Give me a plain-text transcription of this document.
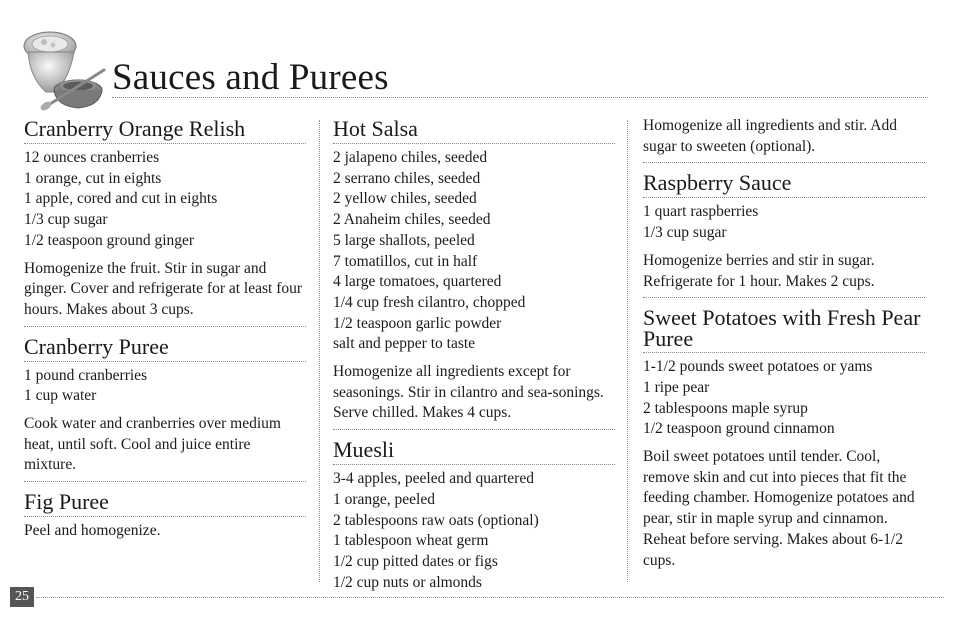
Sauces and Purees
Cranberry Orange Relish
12 ounces cranberries
1 orange, cut in eights
1 apple, cored and cut in eights
1/3 cup sugar
1/2 teaspoon ground ginger

Homogenize the fruit. Stir in sugar and ginger. Cover and refrigerate for at least four hours. Makes about 3 cups.

Cranberry Puree
1 pound cranberries
1 cup water

Cook water and cranberries over medium heat, until soft. Cool and juice entire mixture.

Fig Puree

Peel and homogenize.

Hot Salsa
2 jalapeno chiles, seeded
2 serrano chiles, seeded
2 yellow chiles, seeded
2 Anaheim chiles, seeded
5 large shallots, peeled
7 tomatillos, cut in half
4 large tomatoes, quartered
1/4 cup fresh cilantro, chopped
1/2 teaspoon garlic powder
salt and pepper to taste

Homogenize all ingredients except for seasonings. Stir in cilantro and sea-sonings. Serve chilled. Makes 4 cups.

Muesli
3-4 apples, peeled and quartered
1 orange, peeled
2 tablespoons raw oats (optional)
1 tablespoon wheat germ
1/2 cup pitted dates or figs
1/2 cup nuts or almonds

Homogenize all ingredients and stir. Add sugar to sweeten (optional).

Raspberry Sauce
1 quart raspberries
1/3 cup sugar

Homogenize berries and stir in sugar. Refrigerate for 1 hour. Makes 2 cups.

Sweet Potatoes with Fresh Pear Puree
1-1/2 pounds sweet potatoes or yams
1 ripe pear
2 tablespoons maple syrup
1/2 teaspoon ground cinnamon

Boil sweet potatoes until tender. Cool, remove skin and cut into pieces that fit the feeding chamber. Homogenize potatoes and pear, stir in maple syrup and cinnamon. Reheat before serving. Makes about 6-1/2 cups.

25
